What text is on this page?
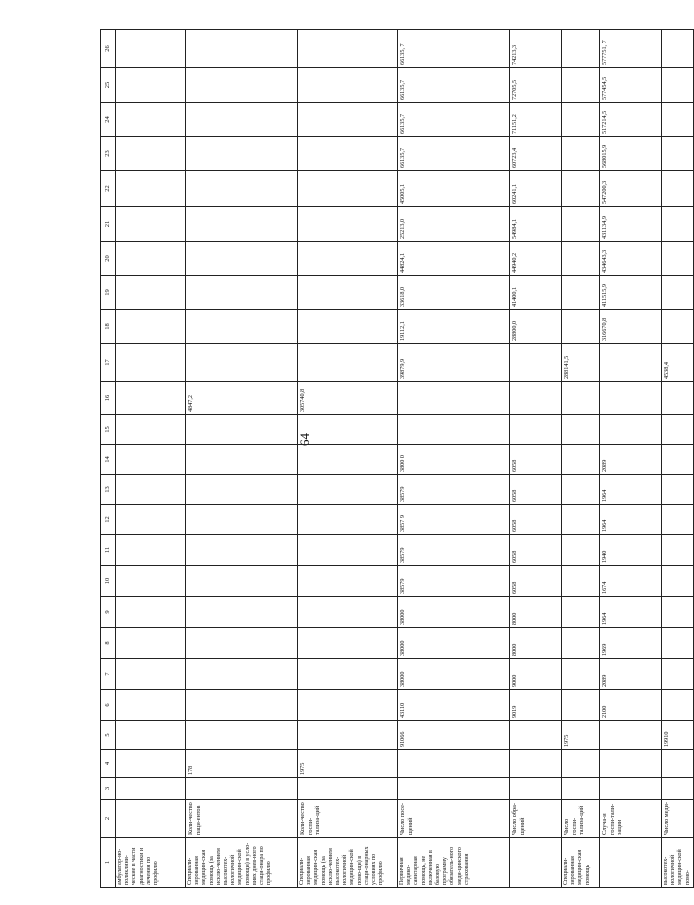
64
1	2	3	4	5	6	7	8	9	10	11	12	13	14	15	16	17	18	19	20	21	22	23	24	25	26
амбулатор-но-поликлини-ческие в части диагностики и лечения по профилю																									
Специали-зированная медицин-ская помощь (за исклю-чением высокотех-нологичной медицин-ской помощи) в усло-виях днев-ного стаци-онара по профилю	Коли-чество паци-ентов		178												4847,2										
Специали-зированная медицин-ская помощь (за исклю-чением высокотех-нологичной медицин-ской помо-щи) в стаци-онарных условиях по профилю	Коли-чество госпи-тализа-ций		1975												305740,8										
Первичная медико-санитарная помощь, не включенная в базовую программу обязатель-ного меди-цинского страхования	Число посе-щений			91066	43110	38000	38000	38000	38579	38579	3857 9	38579	3800 0			39879,9	19112,1	33618,0	44824,1	25213,0	45005,1	66135,7	66135,7	66135,7	66135, 7
	Число обра-щений				9019	9000	8000	8000	6058	6058	6058	6058	6058				28800,0	41400,1	44940,2	54984,1	60241,1	60723,4	71151,2	72705,5	74213,3
Специали-зированная медицин-ская помощь	Число госпи-тализа-ций			1975												288141,5									
	Случа-и госпи-тали-зации				2100	2089	1969	1964	1674	1940	1964	1964	2089				316670,8	411515,9	434643,3	431134,9	547200,3	568015,9	517214,5	577454,5	577751, 7
высокотех-нологичной медицин-ской помо-	Число меди-			19910												4538,4									
